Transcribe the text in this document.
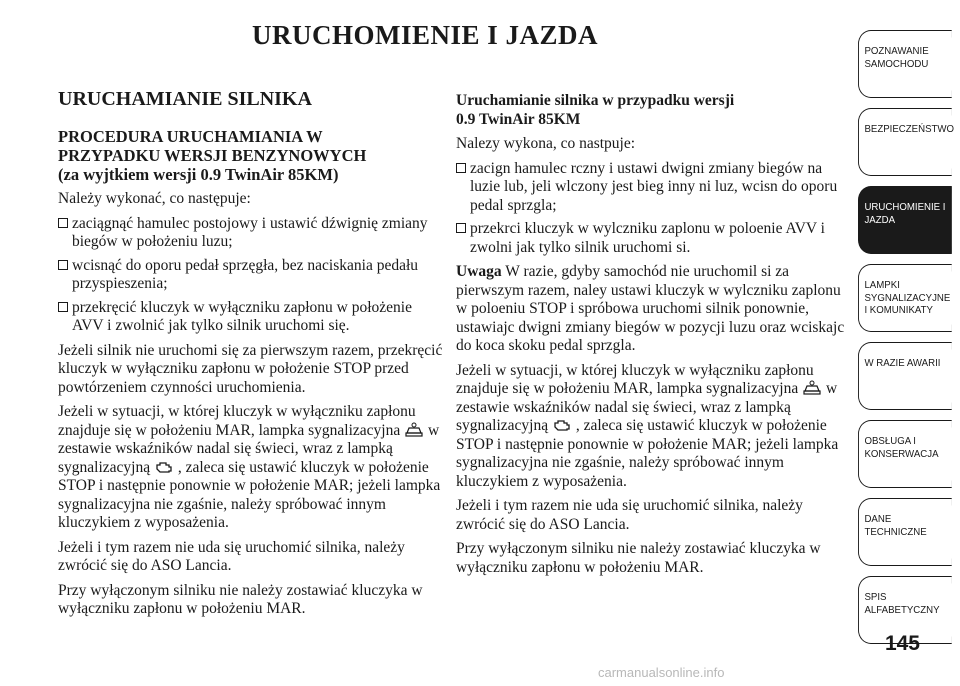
URUCHOMIENIE I JAZDA
URUCHAMIANIE SILNIKA
PROCEDURA URUCHAMIANIA W
PRZYPADKU WERSJI BENZYNOWYCH
(za wyjtkiem wersji 0.9 TwinAir 85KM)
Należy wykonać, co następuje:
zaciągnąć hamulec postojowy i ustawić dźwignię zmiany biegów w położeniu luzu;
wcisnąć do oporu pedał sprzęgła, bez naciskania pedału przyspieszenia;
przekręcić kluczyk w wyłączniku zapłonu w położenie AVV i zwolnić jak tylko silnik uruchomi się.
Jeżeli silnik nie uruchomi się za pierwszym razem, przekręcić kluczyk w wyłączniku zapłonu w położenie STOP przed powtórzeniem czynności uruchomienia.
Jeżeli w sytuacji, w której kluczyk w wyłączniku zapłonu znajduje się w położeniu MAR, lampka sygnalizacyjna w zestawie wskaźników nadal się świeci, wraz z lampką sygnalizacyjną , zaleca się ustawić kluczyk w położenie STOP i następnie ponownie w położenie MAR; jeżeli lampka sygnalizacyjna nie zgaśnie, należy spróbować innym kluczykiem z wyposażenia.
Jeżeli i tym razem nie uda się uruchomić silnika, należy zwrócić się do ASO Lancia.
Przy wyłączonym silniku nie należy zostawiać kluczyka w wyłączniku zapłonu w położeniu MAR.
Uruchamianie silnika w przypadku wersji
0.9 TwinAir 85KM
Nalezy wykona, co nastpuje:
zacign hamulec rczny i ustawi dwigni zmiany biegów na luzie lub, jeli wlczony jest bieg inny ni luz, wcisn do oporu pedal sprzgla;
przekrci kluczyk w wylczniku zaplonu w poloenie AVV i zwolni jak tylko silnik uruchomi si.
Uwaga W razie, gdyby samochód nie uruchomil si za pierwszym razem, naley ustawi kluczyk w wylczniku zaplonu w poloeniu STOP i spróbowa uruchomi silnik ponownie, ustawiajc dwigni zmiany biegów w pozycji luzu oraz wciskajc do koca skoku pedal sprzgla.
Jeżeli w sytuacji, w której kluczyk w wyłączniku zapłonu znajduje się w położeniu MAR, lampka sygnalizacyjna w zestawie wskaźników nadal się świeci, wraz z lampką sygnalizacyjną , zaleca się ustawić kluczyk w położenie STOP i następnie ponownie w położenie MAR; jeżeli lampka sygnalizacyjna nie zgaśnie, należy spróbować innym kluczykiem z wyposażenia.
Jeżeli i tym razem nie uda się uruchomić silnika, należy zwrócić się do ASO Lancia.
Przy wyłączonym silniku nie należy zostawiać kluczyka w wyłączniku zapłonu w położeniu MAR.
POZNAWANIE
SAMOCHODU
BEZPIECZEŃSTWO
URUCHOMIENIE I
JAZDA
LAMPKI
SYGNALIZACYJNE
I KOMUNIKATY
W RAZIE AWARII
OBSŁUGA I
KONSERWACJA
DANE
TECHNICZNE
SPIS
ALFABETYCZNY
145
carmanualsonline.info
